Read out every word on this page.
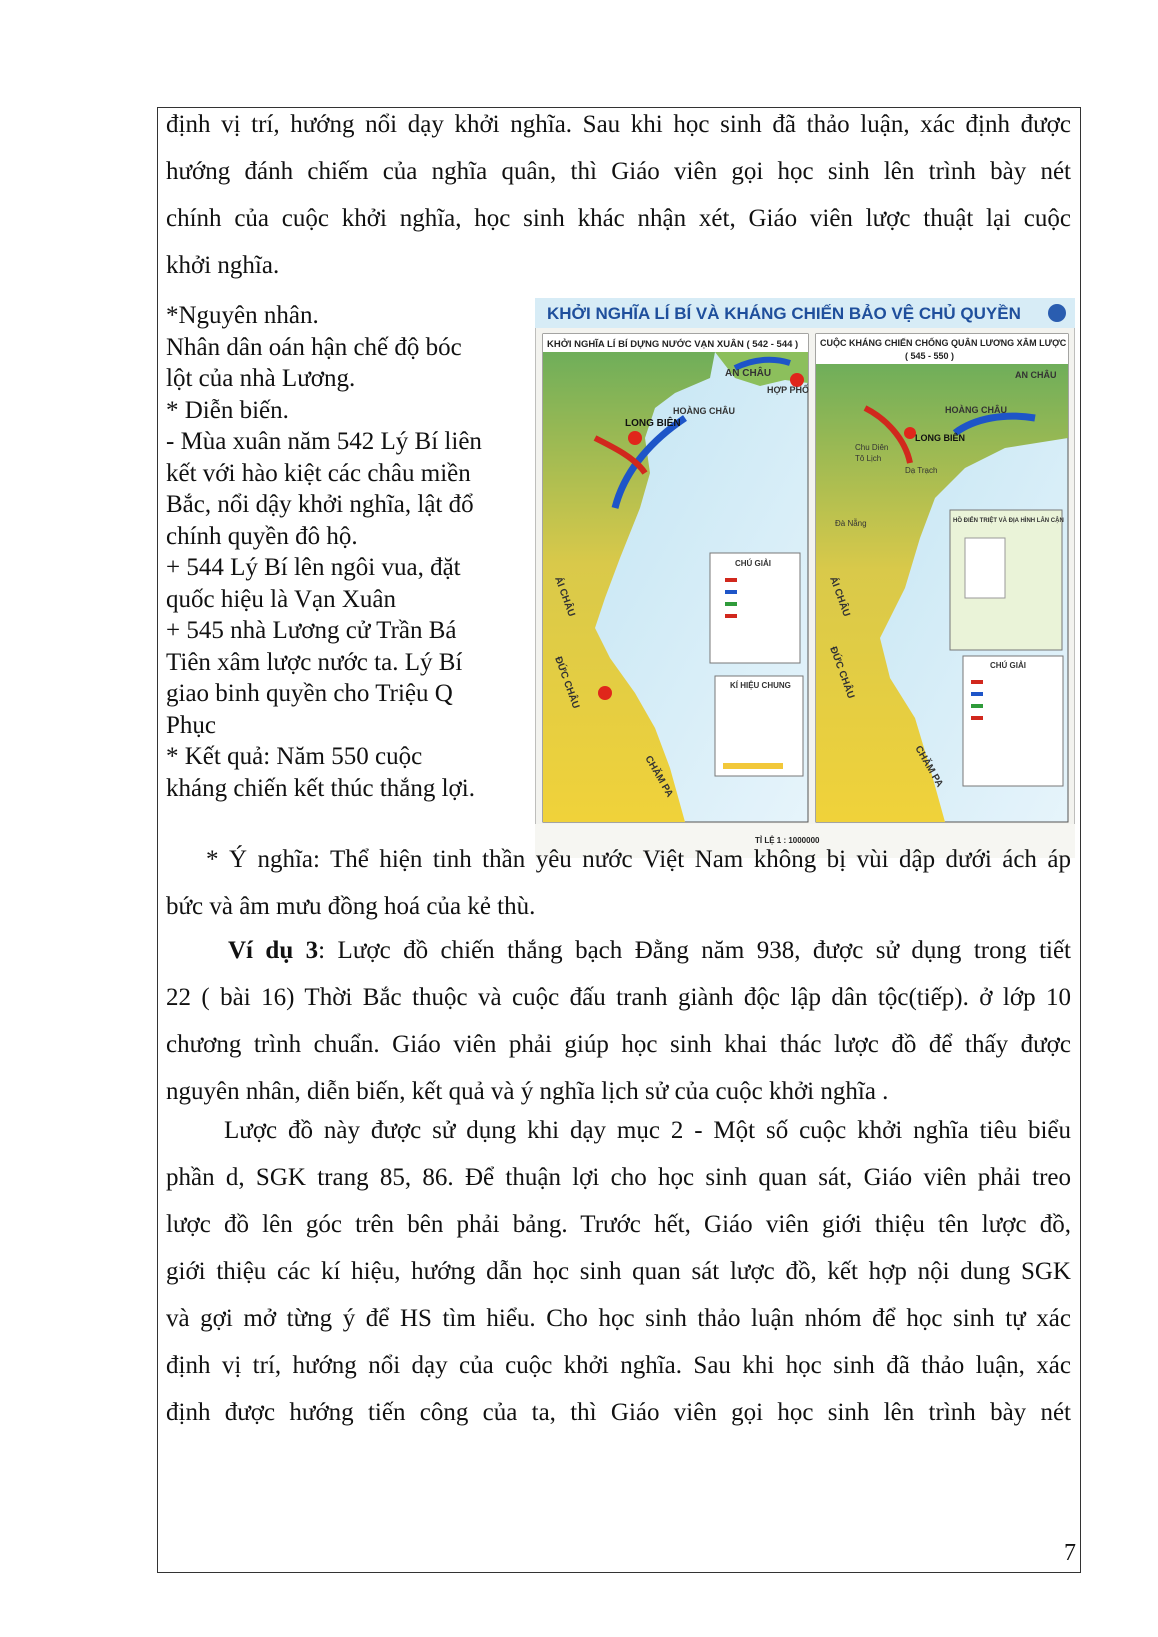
định vị trí, hướng nổi dạy khởi nghĩa. Sau khi học sinh đã thảo luận, xác định được
hướng đánh chiếm của nghĩa quân, thì Giáo viên gọi học sinh lên trình bày nét
chính của cuộc khởi nghĩa, học sinh khác nhận xét, Giáo viên lược thuật lại cuộc
khởi nghĩa.
*Nguyên nhân.
Nhân dân oán hận chế độ bóc
lột của nhà Lương.
* Diễn biến.
- Mùa xuân năm 542 Lý Bí liên
kết với hào kiệt các châu miền
Bắc, nổi dậy khởi nghĩa, lật đổ
chính quyền đô hộ.
+ 544 Lý Bí lên ngôi vua, đặt
quốc hiệu là Vạn Xuân
+ 545 nhà Lương cử Trần Bá
Tiên xâm lược nước ta. Lý Bí
giao binh quyền cho Triệu Q
Phục
* Kết quả: Năm 550 cuộc
kháng chiến kết thúc thắng lợi.
KHỞI NGHĨA LÍ BÍ VÀ KHÁNG CHIẾN BẢO VỆ CHỦ QUYỀN
KHỞI NGHĨA LÍ BÍ DỰNG NƯỚC VẠN XUÂN ( 542 - 544 )
AN CHÂU
HỢP PHỐ
HOÀNG CHÂU
LONG BIÊN
ÁI CHÂU
ĐỨC CHÂU
CHĂM PA
CHÚ GIẢI
KÍ HIỆU CHUNG
CUỘC KHÁNG CHIẾN CHỐNG QUÂN LƯƠNG XÂM LƯỢC
( 545 - 550 )
AN CHÂU
HOÀNG CHÂU
LONG BIÊN
Chu Diên
Tô Lịch
Dạ Trạch
Đà Nẵng
ÁI CHÂU
ĐỨC CHÂU
CHĂM PA
HỒ ĐIỂN TRIỆT VÀ ĐỊA HÌNH LÂN CẬN
CHÚ GIẢI
TỈ LỆ 1 : 1000000
* Ý nghĩa: Thể hiện tinh thần yêu nước Việt Nam không bị vùi dập dưới ách áp
bức và âm mưu đồng hoá của kẻ thù.
Ví dụ 3: Lược đồ chiến thắng bạch Đằng năm 938, được sử dụng trong tiết
22 ( bài 16) Thời Bắc thuộc và cuộc đấu tranh giành độc lập dân tộc(tiếp). ở lớp 10
chương trình chuẩn. Giáo viên phải giúp học sinh khai thác lược đồ để thấy được
nguyên nhân, diễn biến, kết quả và ý nghĩa lịch sử của cuộc khởi nghĩa .
Lược đồ này được sử dụng khi dạy mục 2 - Một số cuộc khởi nghĩa tiêu biểu
phần d, SGK trang 85, 86. Để thuận lợi cho học sinh quan sát, Giáo viên phải treo
lược đồ lên góc trên bên phải bảng. Trước hết, Giáo viên giới thiệu tên lược đồ,
giới thiệu các kí hiệu, hướng dẫn học sinh quan sát lược đồ, kết hợp nội dung SGK
và gợi mở từng ý để HS tìm hiểu. Cho học sinh thảo luận nhóm để học sinh tự xác
định vị trí, hướng nổi dạy của cuộc khởi nghĩa. Sau khi học sinh đã thảo luận, xác
định được hướng tiến công của ta, thì Giáo viên gọi học sinh lên trình bày nét
7
